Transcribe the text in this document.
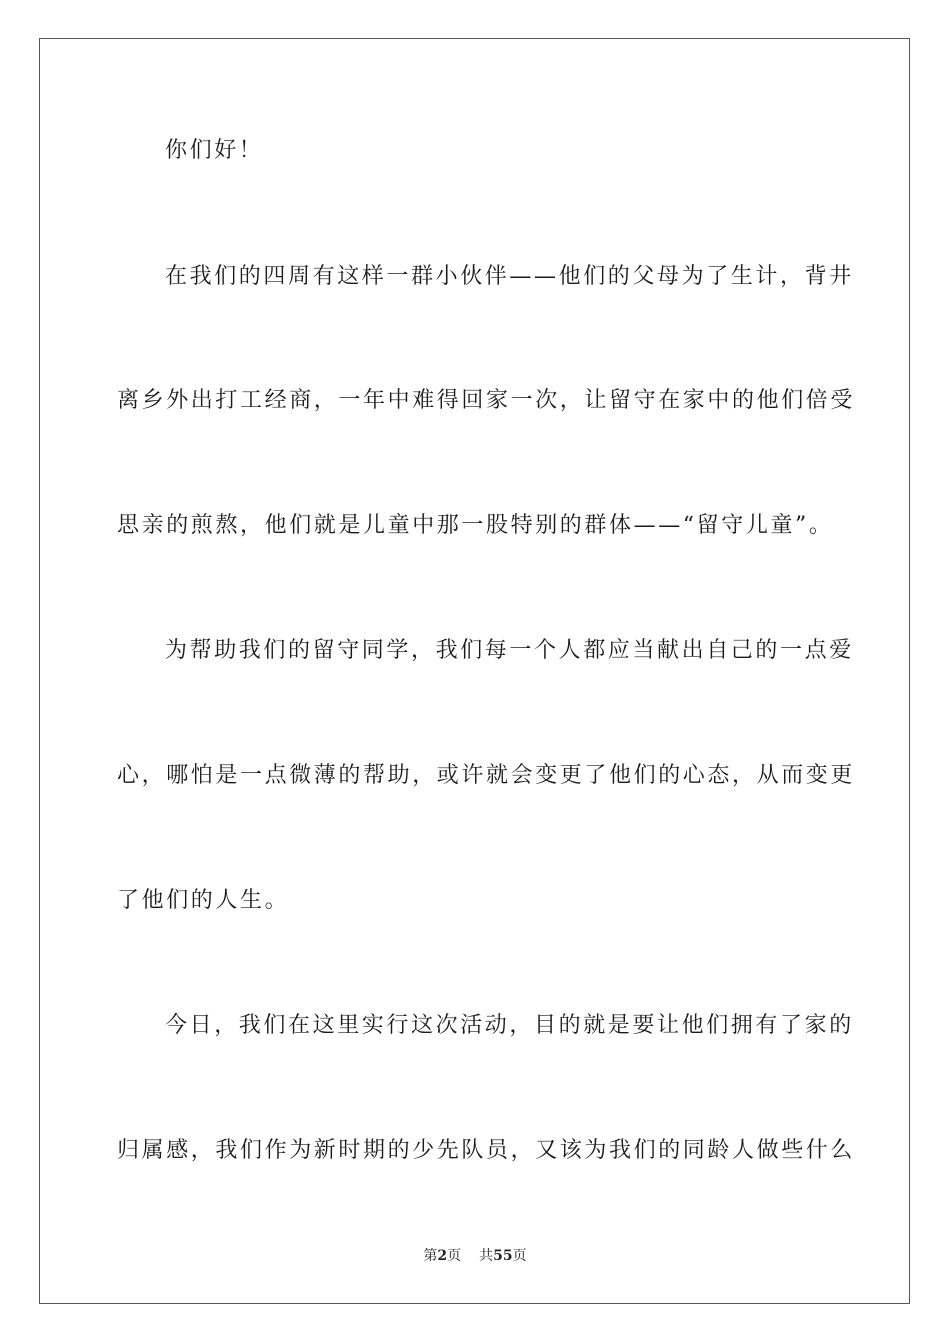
你们好！
在我们的四周有这样一群小伙伴——他们的父母为了生计，背井
离乡外出打工经商，一年中难得回家一次，让留守在家中的他们倍受
思亲的煎熬，他们就是儿童中那一股特别的群体——“留守儿童”。
为帮助我们的留守同学，我们每一个人都应当献出自己的一点爱
心，哪怕是一点微薄的帮助，或许就会变更了他们的心态，从而变更
了他们的人生。
今日，我们在这里实行这次活动，目的就是要让他们拥有了家的
归属感，我们作为新时期的少先队员，又该为我们的同龄人做些什么
第2页 共55页
